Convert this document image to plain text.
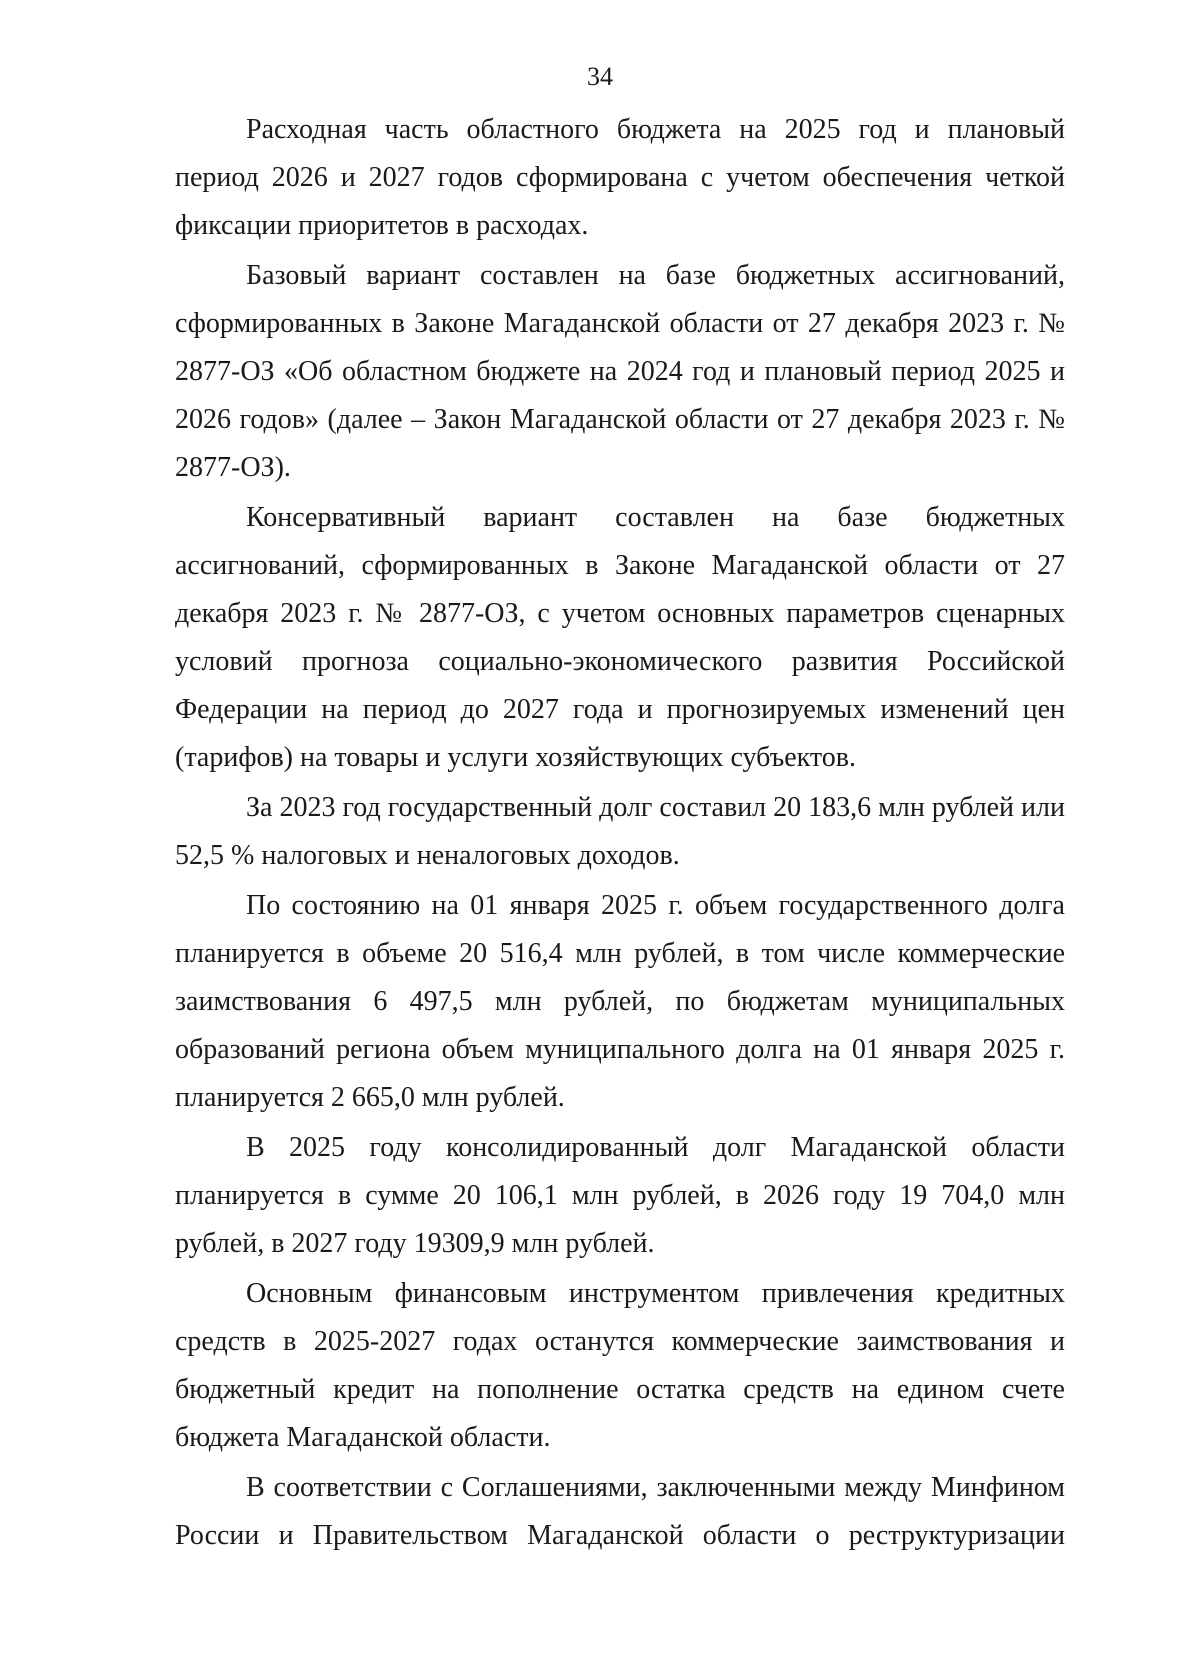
34

Расходная часть областного бюджета на 2025 год и плановый период 2026 и 2027 годов сформирована с учетом обеспечения четкой фиксации приоритетов в расходах.

Базовый вариант составлен на базе бюджетных ассигнований, сформированных в Законе Магаданской области от 27 декабря 2023 г. № 2877-ОЗ «Об областном бюджете на 2024 год и плановый период 2025 и 2026 годов» (далее – Закон Магаданской области от 27 декабря 2023 г. № 2877-ОЗ).

Консервативный вариант составлен на базе бюджетных ассигнований, сформированных в Законе Магаданской области от 27 декабря 2023 г. № 2877-ОЗ, с учетом основных параметров сценарных условий прогноза социально-экономического развития Российской Федерации на период до 2027 года и прогнозируемых изменений цен (тарифов) на товары и услуги хозяйствующих субъектов.

За 2023 год государственный долг составил 20 183,6 млн рублей или 52,5 % налоговых и неналоговых доходов.

По состоянию на 01 января 2025 г. объем государственного долга планируется в объеме 20 516,4 млн рублей, в том числе коммерческие заимствования 6 497,5 млн рублей, по бюджетам муниципальных образований региона объем муниципального долга на 01 января 2025 г. планируется 2 665,0 млн рублей.

В 2025 году консолидированный долг Магаданской области планируется в сумме 20 106,1 млн рублей, в 2026 году 19 704,0 млн рублей, в 2027 году 19309,9 млн рублей.

Основным финансовым инструментом привлечения кредитных средств в 2025-2027 годах останутся коммерческие заимствования и бюджетный кредит на пополнение остатка средств на едином счете бюджета Магаданской области.

В соответствии с Соглашениями, заключенными между Минфином России и Правительством Магаданской области о реструктуризации
